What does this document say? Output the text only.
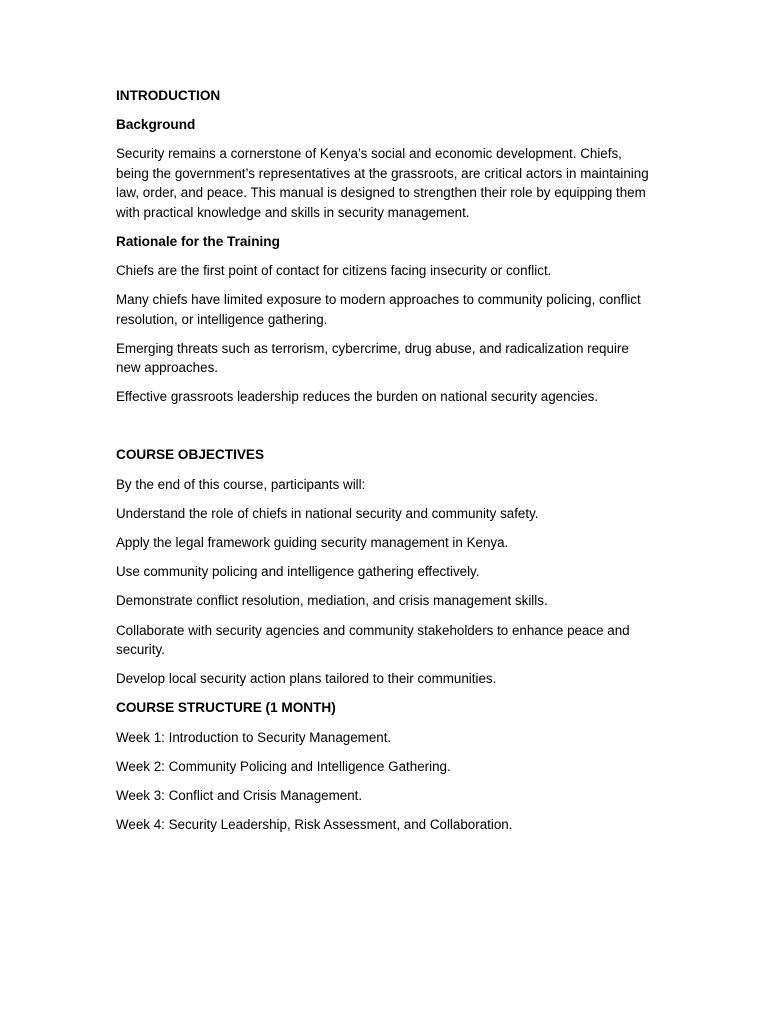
INTRODUCTION

Background

Security remains a cornerstone of Kenya’s social and economic development. Chiefs, being the government’s representatives at the grassroots, are critical actors in maintaining law, order, and peace. This manual is designed to strengthen their role by equipping them with practical knowledge and skills in security management.

Rationale for the Training

Chiefs are the first point of contact for citizens facing insecurity or conflict.

Many chiefs have limited exposure to modern approaches to community policing, conflict resolution, or intelligence gathering.

Emerging threats such as terrorism, cybercrime, drug abuse, and radicalization require new approaches.

Effective grassroots leadership reduces the burden on national security agencies.

COURSE OBJECTIVES

By the end of this course, participants will:

Understand the role of chiefs in national security and community safety.

Apply the legal framework guiding security management in Kenya.

Use community policing and intelligence gathering effectively.

Demonstrate conflict resolution, mediation, and crisis management skills.

Collaborate with security agencies and community stakeholders to enhance peace and security.

Develop local security action plans tailored to their communities.

COURSE STRUCTURE (1 MONTH)

Week 1: Introduction to Security Management.

Week 2: Community Policing and Intelligence Gathering.

Week 3: Conflict and Crisis Management.

Week 4: Security Leadership, Risk Assessment, and Collaboration.
